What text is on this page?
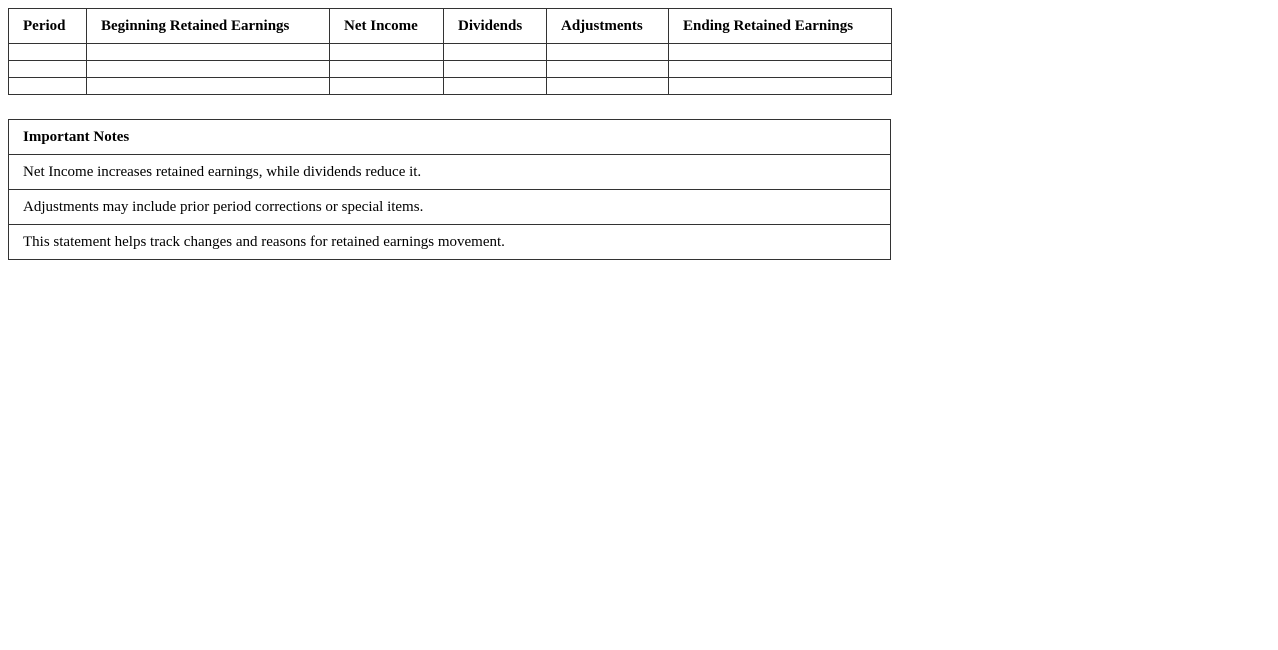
Period	Beginning Retained Earnings	Net Income	Dividends	Adjustments	Ending Retained Earnings

Important Notes
Net Income increases retained earnings, while dividends reduce it.
Adjustments may include prior period corrections or special items.
This statement helps track changes and reasons for retained earnings movement.
